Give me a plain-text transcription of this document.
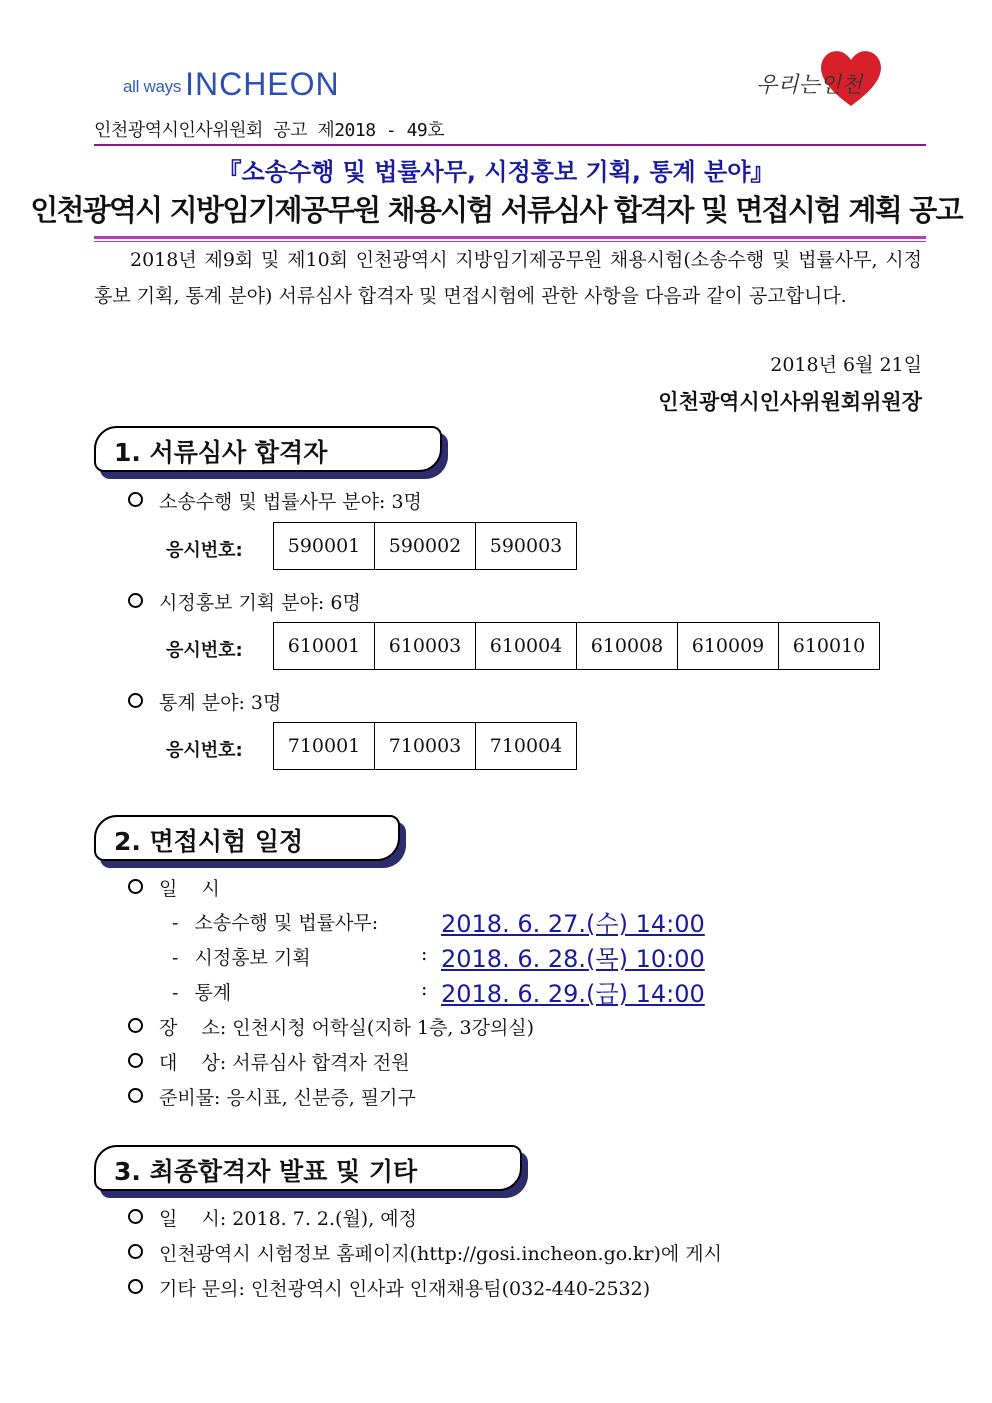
all ways INCHEON	우리는인천
인천광역시인사위원회 공고 제2018 - 49호
『소송수행 및 법률사무, 시정홍보 기획, 통계 분야』
인천광역시 지방임기제공무원 채용시험 서류심사 합격자 및 면접시험 계획 공고

2018년 제9회 및 제10회 인천광역시 지방임기제공무원 채용시험(소송수행 및 법률사무, 시정홍보 기획, 통계 분야) 서류심사 합격자 및 면접시험에 관한 사항을 다음과 같이 공고합니다.

2018년 6월 21일
인천광역시인사위원회위원장
1. 서류심사 합격자
소송수행 및 법률사무 분야: 3명
응시번호: 590001	590002	590003
시정홍보 기획 분야: 6명
응시번호: 610001	610003	610004	610008	610009	610010
통계 분야: 3명
응시번호: 710001	710003	710004
2. 면접시험 일정
일    시
- 소송수행 및 법률사무:	2018. 6. 27.(수) 14:00
- 시정홍보 기획	: 2018. 6. 28.(목) 10:00
- 통계	: 2018. 6. 29.(금) 14:00
장    소: 인천시청 어학실(지하 1층, 3강의실)
대    상: 서류심사 합격자 전원
준비물: 응시표, 신분증, 필기구
3. 최종합격자 발표 및 기타
일    시: 2018. 7. 2.(월), 예정
인천광역시 시험정보 홈페이지(http://gosi.incheon.go.kr)에 게시
기타 문의: 인천광역시 인사과 인재채용팀(032-440-2532)
